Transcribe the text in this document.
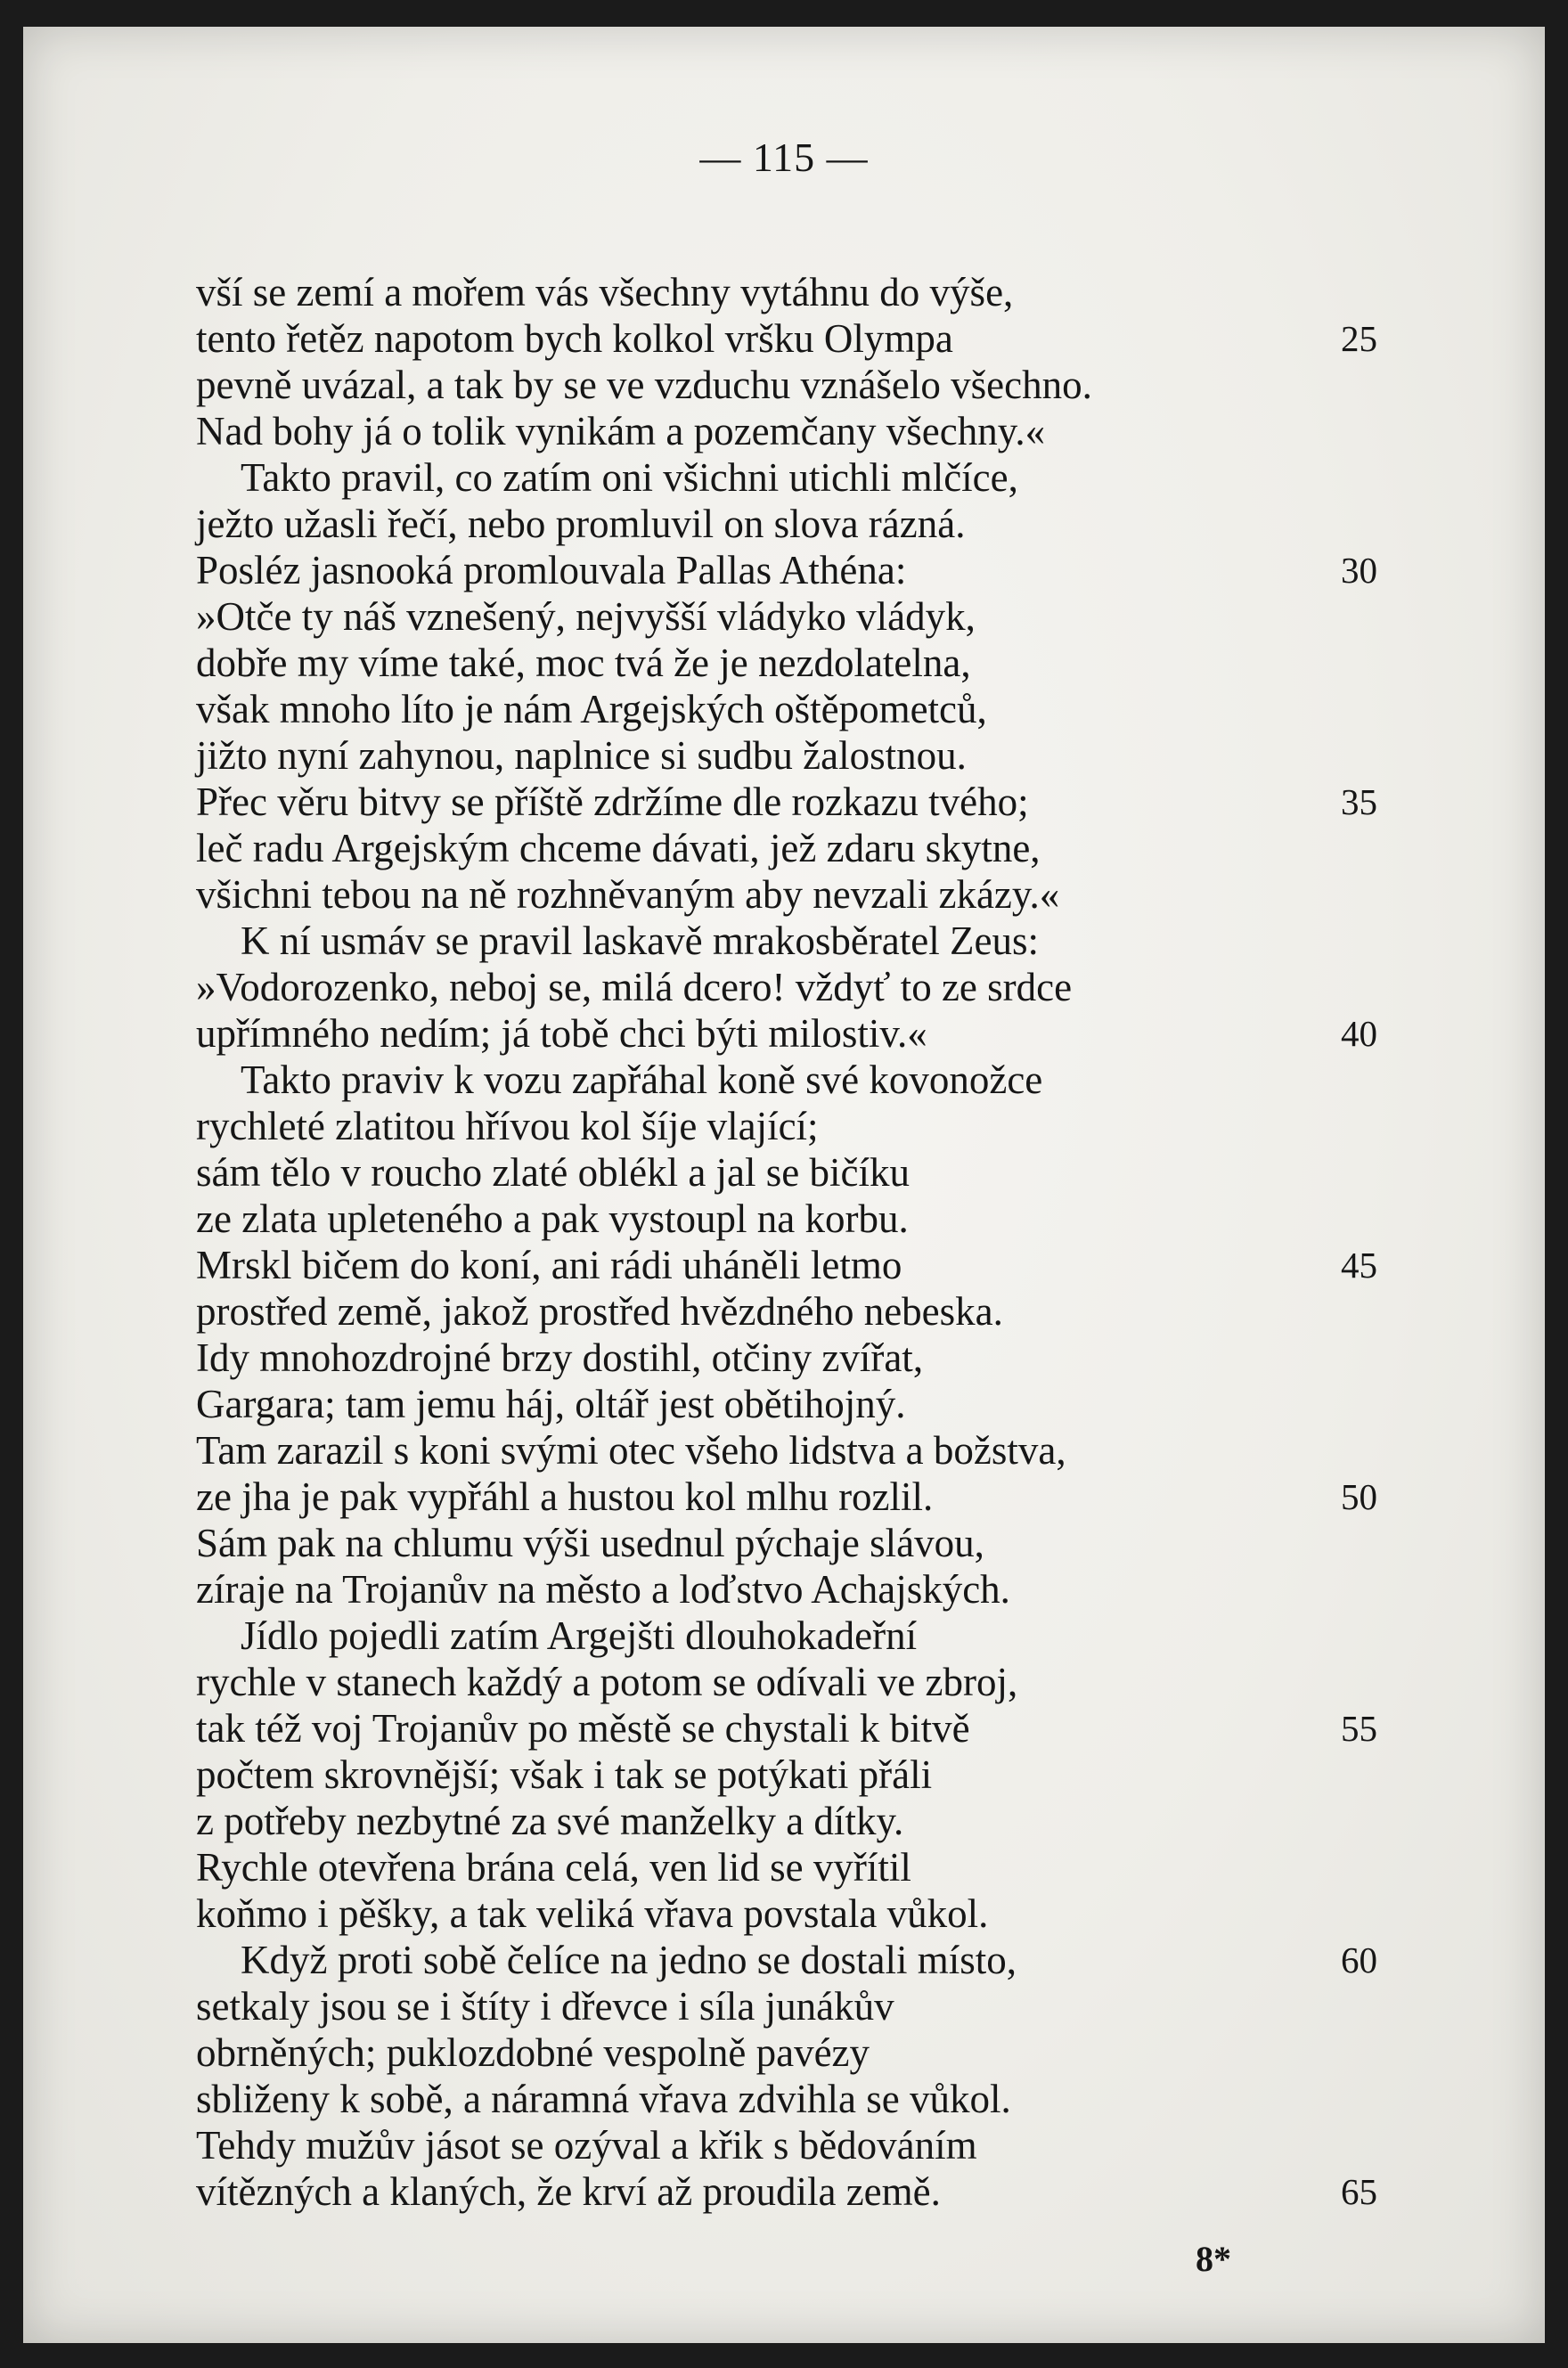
— 115 —
vší se zemí a mořem vás všechny vytáhnu do výše,
tento řetěz napotom bych kolkol vršku Olympa	25
pevně uvázal, a tak by se ve vzduchu vznášelo všechno.
Nad bohy já o tolik vynikám a pozemčany všechny.«
Takto pravil, co zatím oni všichni utichli mlčíce,
ježto užasli řečí, nebo promluvil on slova rázná.
Posléz jasnooká promlouvala Pallas Athéna:	30
»Otče ty náš vznešený, nejvyšší vládyko vládyk,
dobře my víme také, moc tvá že je nezdolatelna,
však mnoho líto je nám Argejských oštěpometců,
jižto nyní zahynou, naplnice si sudbu žalostnou.
Přec věru bitvy se příště zdržíme dle rozkazu tvého;	35
leč radu Argejským chceme dávati, jež zdaru skytne,
všichni tebou na ně rozhněvaným aby nevzali zkázy.«
K ní usmáv se pravil laskavě mrakosběratel Zeus:
»Vodorozenko, neboj se, milá dcero! vždyť to ze srdce
upřímného nedím; já tobě chci býti milostiv.«	40
Takto praviv k vozu zapřáhal koně své kovonožce
rychleté zlatitou hřívou kol šíje vlající;
sám tělo v roucho zlaté oblékl a jal se bičíku
ze zlata upleteného a pak vystoupl na korbu.
Mrskl bičem do koní, ani rádi uháněli letmo	45
prostřed země, jakož prostřed hvězdného nebeska.
Idy mnohozdrojné brzy dostihl, otčiny zvířat,
Gargara; tam jemu háj, oltář jest obětihojný.
Tam zarazil s koni svými otec všeho lidstva a božstva,
ze jha je pak vypřáhl a hustou kol mlhu rozlil.	50
Sám pak na chlumu výši usednul pýchaje slávou,
zíraje na Trojanův na město a loďstvo Achajských.
Jídlo pojedli zatím Argejšti dlouhokadeřní
rychle v stanech každý a potom se odívali ve zbroj,
tak též voj Trojanův po městě se chystali k bitvě	55
počtem skrovnější; však i tak se potýkati přáli
z potřeby nezbytné za své manželky a dítky.
Rychle otevřena brána celá, ven lid se vyřítil
koňmo i pěšky, a tak veliká vřava povstala vůkol.
Když proti sobě čelíce na jedno se dostali místo,	60
setkaly jsou se i štíty i dřevce i síla junákův
obrněných; puklozdobné vespolně pavézy
sbliženy k sobě, a náramná vřava zdvihla se vůkol.
Tehdy mužův jásot se ozýval a křik s bědováním
vítězných a klaných, že krví až proudila země.	65
8*
